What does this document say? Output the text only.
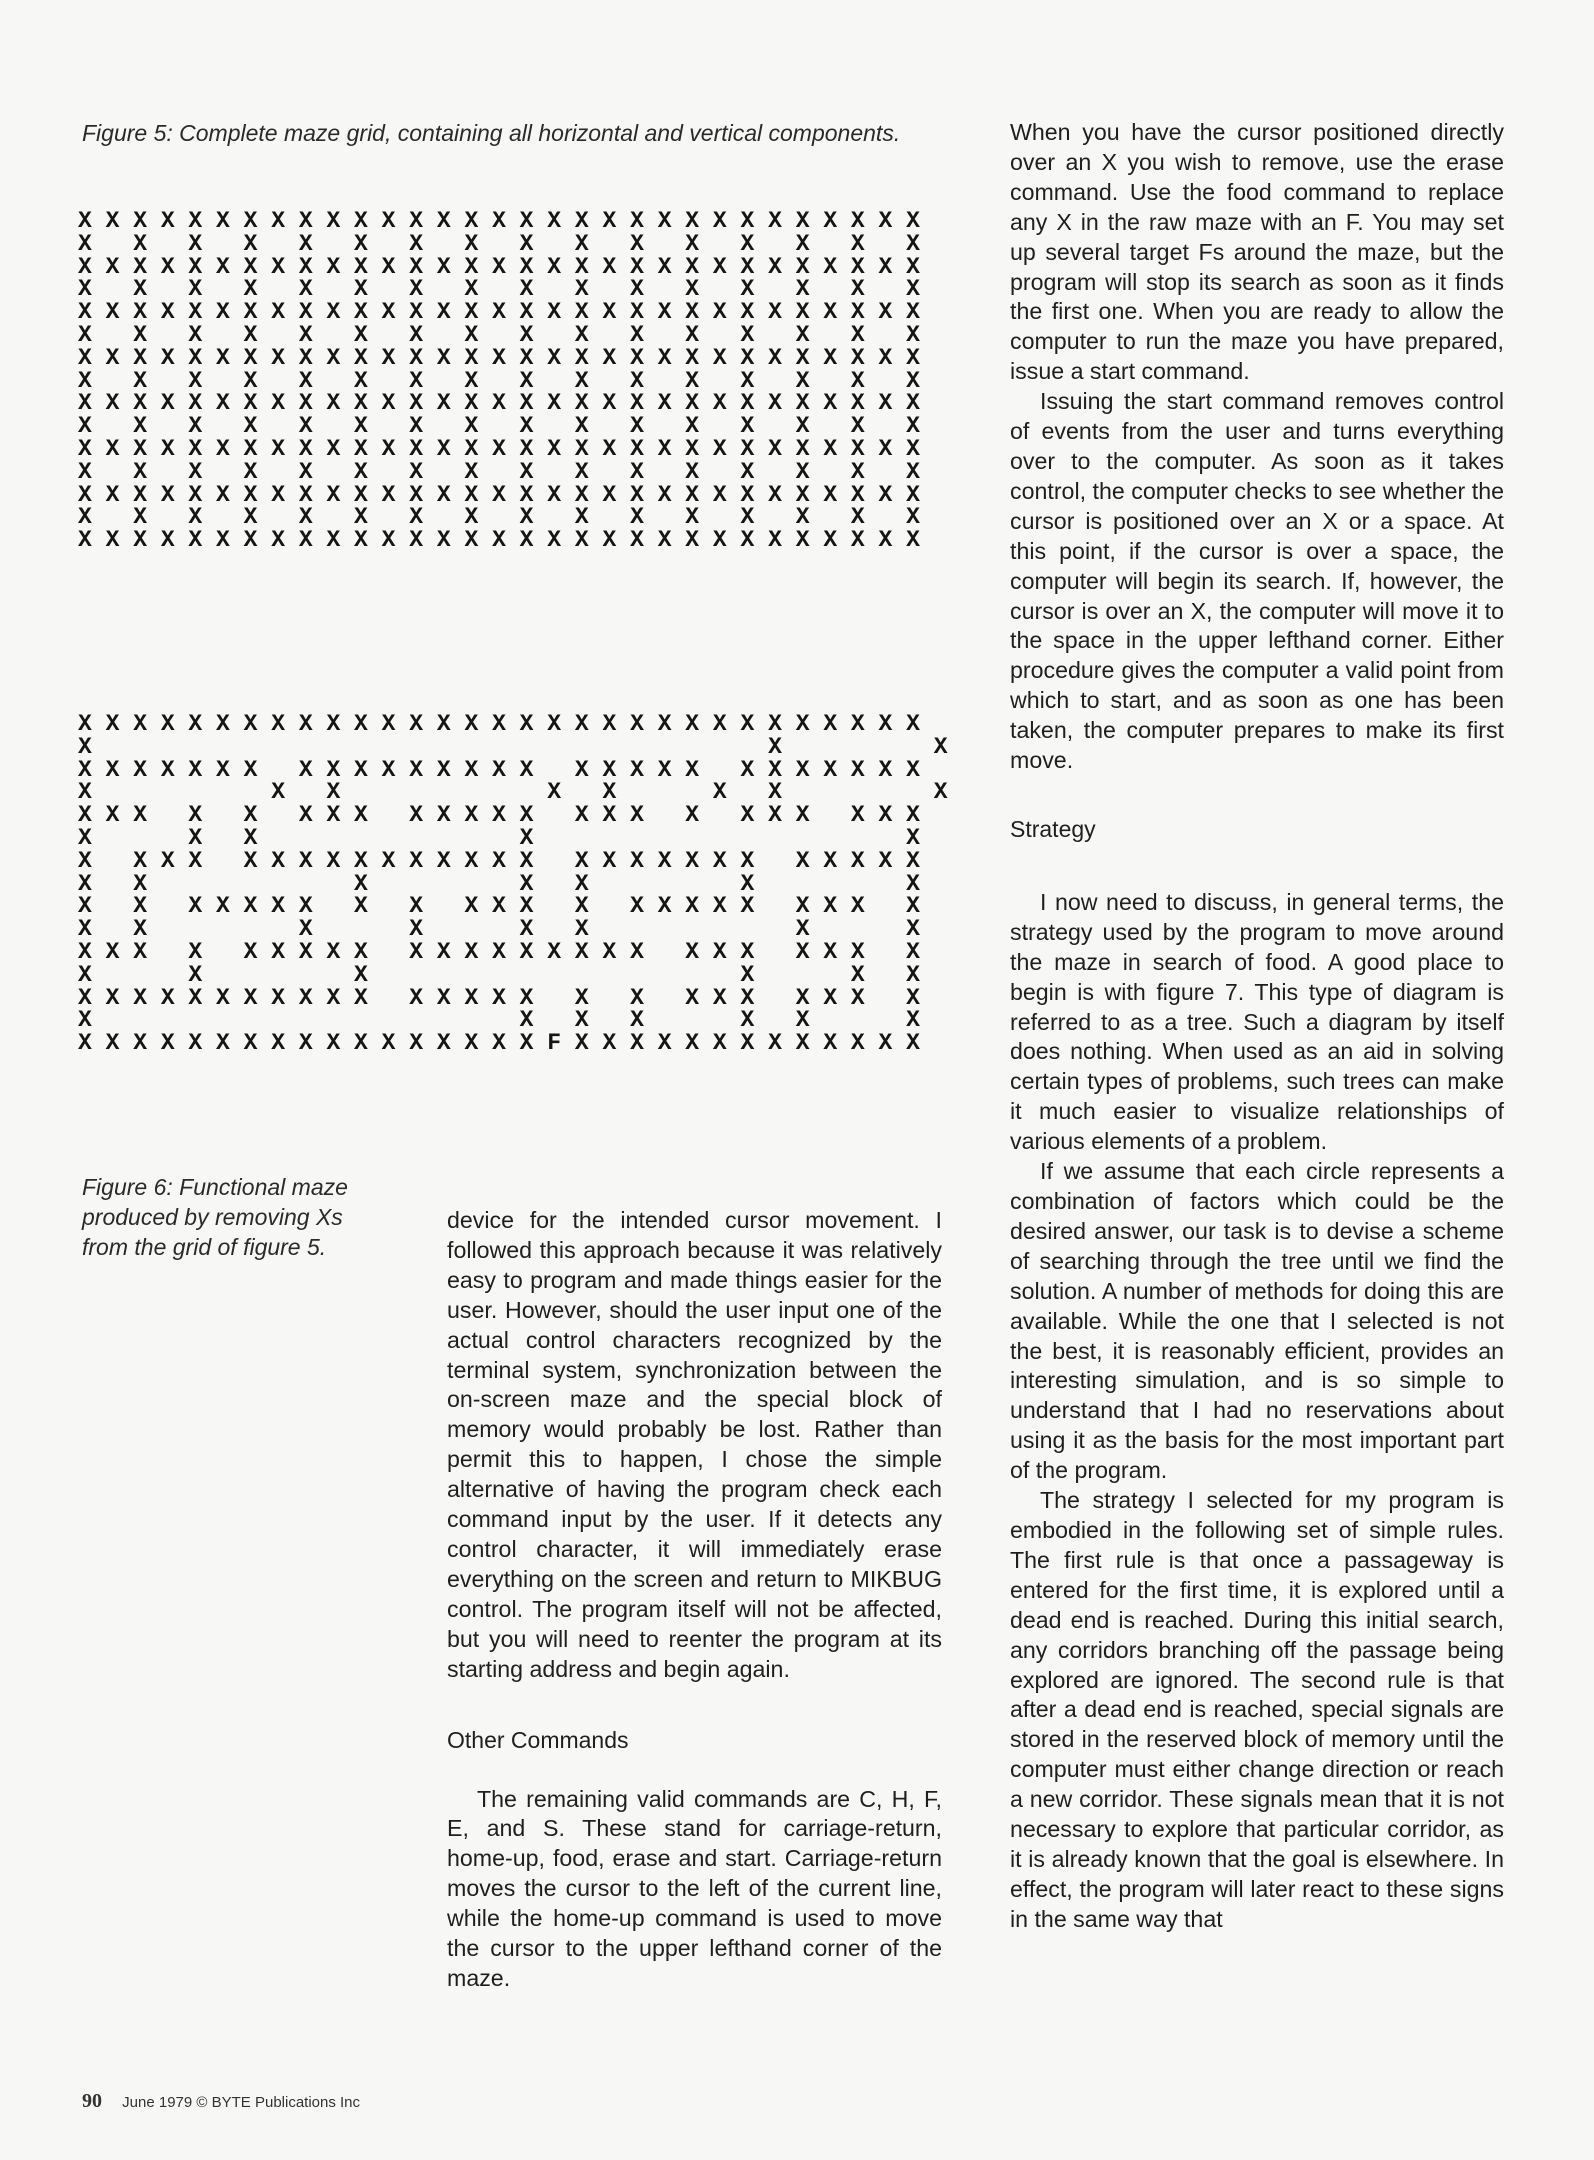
Figure 5: Complete maze grid, containing all horizontal and vertical components.
X X X X X X X X X X X X X X X X X X X X X X X X X X X X X X X
X   X   X   X   X   X   X   X   X   X   X   X   X   X   X   X
X X X X X X X X X X X X X X X X X X X X X X X X X X X X X X X
X   X   X   X   X   X   X   X   X   X   X   X   X   X   X   X
X X X X X X X X X X X X X X X X X X X X X X X X X X X X X X X
X   X   X   X   X   X   X   X   X   X   X   X   X   X   X   X
X X X X X X X X X X X X X X X X X X X X X X X X X X X X X X X
X   X   X   X   X   X   X   X   X   X   X   X   X   X   X   X
X X X X X X X X X X X X X X X X X X X X X X X X X X X X X X X
X   X   X   X   X   X   X   X   X   X   X   X   X   X   X   X
X X X X X X X X X X X X X X X X X X X X X X X X X X X X X X X
X   X   X   X   X   X   X   X   X   X   X   X   X   X   X   X
X X X X X X X X X X X X X X X X X X X X X X X X X X X X X X X
X   X   X   X   X   X   X   X   X   X   X   X   X   X   X   X
X X X X X X X X X X X X X X X X X X X X X X X X X X X X X X X
X X X X X X X X X X X X X X X X X X X X X X X X X X X X X X X
X                                                 X           X
X X X X X X X   X X X X X X X X X   X X X X X   X X X X X X X
X             X   X               X   X       X   X           X
X X X   X   X   X X X   X X X X X   X X X   X   X X X   X X X
X       X   X                   X                           X
X   X X X   X X X X X X X X X X X   X X X X X X X   X X X X X
X   X               X           X   X           X           X
X   X   X X X X X   X   X   X X X   X   X X X X X   X X X   X
X   X           X       X       X   X               X       X
X X X   X   X X X X X   X X X X X X X X X   X X X   X X X   X
X       X           X                           X       X   X
X X X X X X X X X X X   X X X X X   X   X   X X X   X X X   X
X                               X   X   X       X   X       X
X X X X X X X X X X X X X X X X X F X X X X X X X X X X X X X
Figure 6: Functional maze produced by removing Xs from the grid of figure 5.

device for the intended cursor movement. I followed this approach because it was relatively easy to program and made things easier for the user. However, should the user input one of the actual control characters recognized by the terminal system, synchronization between the on-screen maze and the special block of memory would probably be lost. Rather than permit this to happen, I chose the simple alternative of having the program check each command input by the user. If it detects any control character, it will immediately erase everything on the screen and return to MIKBUG control. The program itself will not be affected, but you will need to reenter the program at its starting address and begin again.

Other Commands

The remaining valid commands are C, H, F, E, and S. These stand for carriage-return, home-up, food, erase and start. Carriage-return moves the cursor to the left of the current line, while the home-up command is used to move the cursor to the upper lefthand corner of the maze.

When you have the cursor positioned directly over an X you wish to remove, use the erase command. Use the food command to replace any X in the raw maze with an F. You may set up several target Fs around the maze, but the program will stop its search as soon as it finds the first one. When you are ready to allow the computer to run the maze you have prepared, issue a start command.

Issuing the start command removes control of events from the user and turns everything over to the computer. As soon as it takes control, the computer checks to see whether the cursor is positioned over an X or a space. At this point, if the cursor is over a space, the computer will begin its search. If, however, the cursor is over an X, the computer will move it to the space in the upper lefthand corner. Either procedure gives the computer a valid point from which to start, and as soon as one has been taken, the computer prepares to make its first move.

Strategy

I now need to discuss, in general terms, the strategy used by the program to move around the maze in search of food. A good place to begin is with figure 7. This type of diagram is referred to as a tree. Such a diagram by itself does nothing. When used as an aid in solving certain types of problems, such trees can make it much easier to visualize relationships of various elements of a problem.

If we assume that each circle represents a combination of factors which could be the desired answer, our task is to devise a scheme of searching through the tree until we find the solution. A number of methods for doing this are available. While the one that I selected is not the best, it is reasonably efficient, provides an interesting simulation, and is so simple to understand that I had no reservations about using it as the basis for the most important part of the program.

The strategy I selected for my program is embodied in the following set of simple rules. The first rule is that once a passageway is entered for the first time, it is explored until a dead end is reached. During this initial search, any corridors branching off the passage being explored are ignored. The second rule is that after a dead end is reached, special signals are stored in the reserved block of memory until the computer must either change direction or reach a new corridor. These signals mean that it is not necessary to explore that particular corridor, as it is already known that the goal is elsewhere. In effect, the program will later react to these signs in the same way that

90 June 1979 © BYTE Publications Inc
